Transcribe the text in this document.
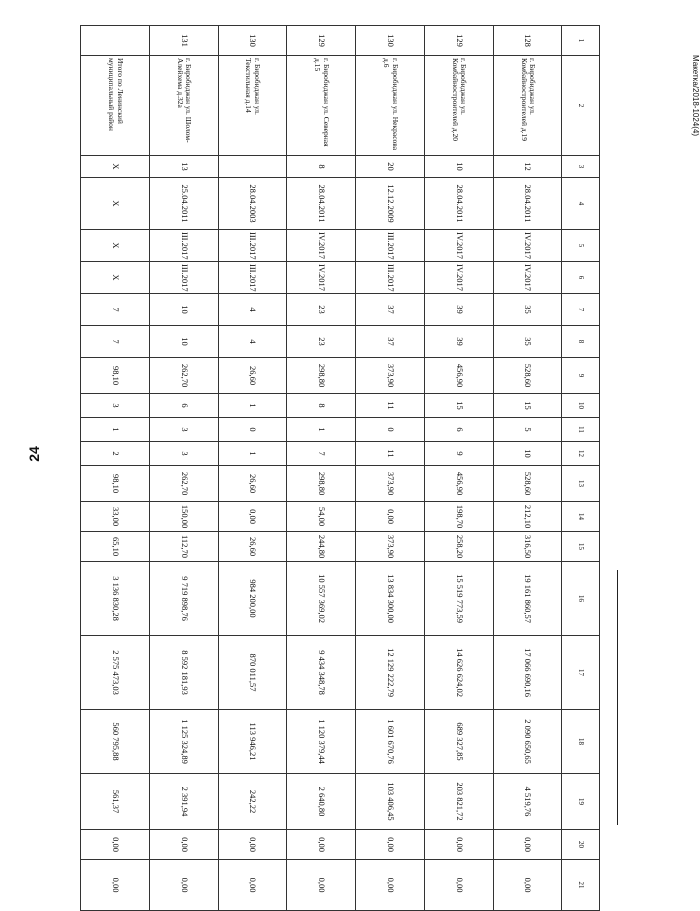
24
Макетка/2018-1024(4)
1	2	3	4	5	6	7	8	9	10	11	12	13	14	15	16	17	18	19	20	21
128	г. Биробиджан ул. Комбайностроителей д.19	12	28.04.2011	IV.2017	IV.2017	35	35	528,60	15	5	10	528,60	212,10	316,50	19 161 860,57	17 066 690,16	2 090 650,65	4 519,76	0,00	0,00
129	г. Биробиджан ул. Комбайностроителей д.20	10	28.04.2011	IV.2017	IV.2017	39	39	456,90	15	6	9	456,90	198,70	258,20	15 519 773,59	14 626 624,02	689 327,85	203 821,72	0,00	0,00
130	г. Биробиджан ул. Некрасова д.6	20	12.12.2009	III.2017	III.2017	37	37	373,90	11	0	11	373,90	0,00	373,90	13 834 300,00	12 129 222,79	1 601 670,76	103 406,45	0,00	0,00
129	г. Биробиджан ул. Северная д.15	8	28.04.2011	IV.2017	IV.2017	23	23	298,80	8	1	7	298,80	54,00	244,80	10 557 369,02	9 434 348,78	1 120 379,44	2 640,80	0,00	0,00
130	г. Биробиджан ул. Текстильная д.14		28.04.2003	III.2017	III.2017	4	4	26,60	1	0	1	26,60	0,00	26,60	984 200,00	870 011,57	113 946,21	242,22	0,00	0,00
131	г. Биробиджан ул. Шолом-Алейхема д.32а	13	25.04.2011	III.2017	III.2017	10	10	262,70	6	3	3	262,70	150,00	112,70	9 719 898,76	8 592 181,93	1 125 324,89	2 391,94	0,00	0,00
	Итого по Ленинский муниципальный район	X	X	X	X	7	7	98,10	3	1	2	98,10	33,00	65,10	3 136 830,28	2 575 473,03	560 795,88	561,37	0,00	0,00
